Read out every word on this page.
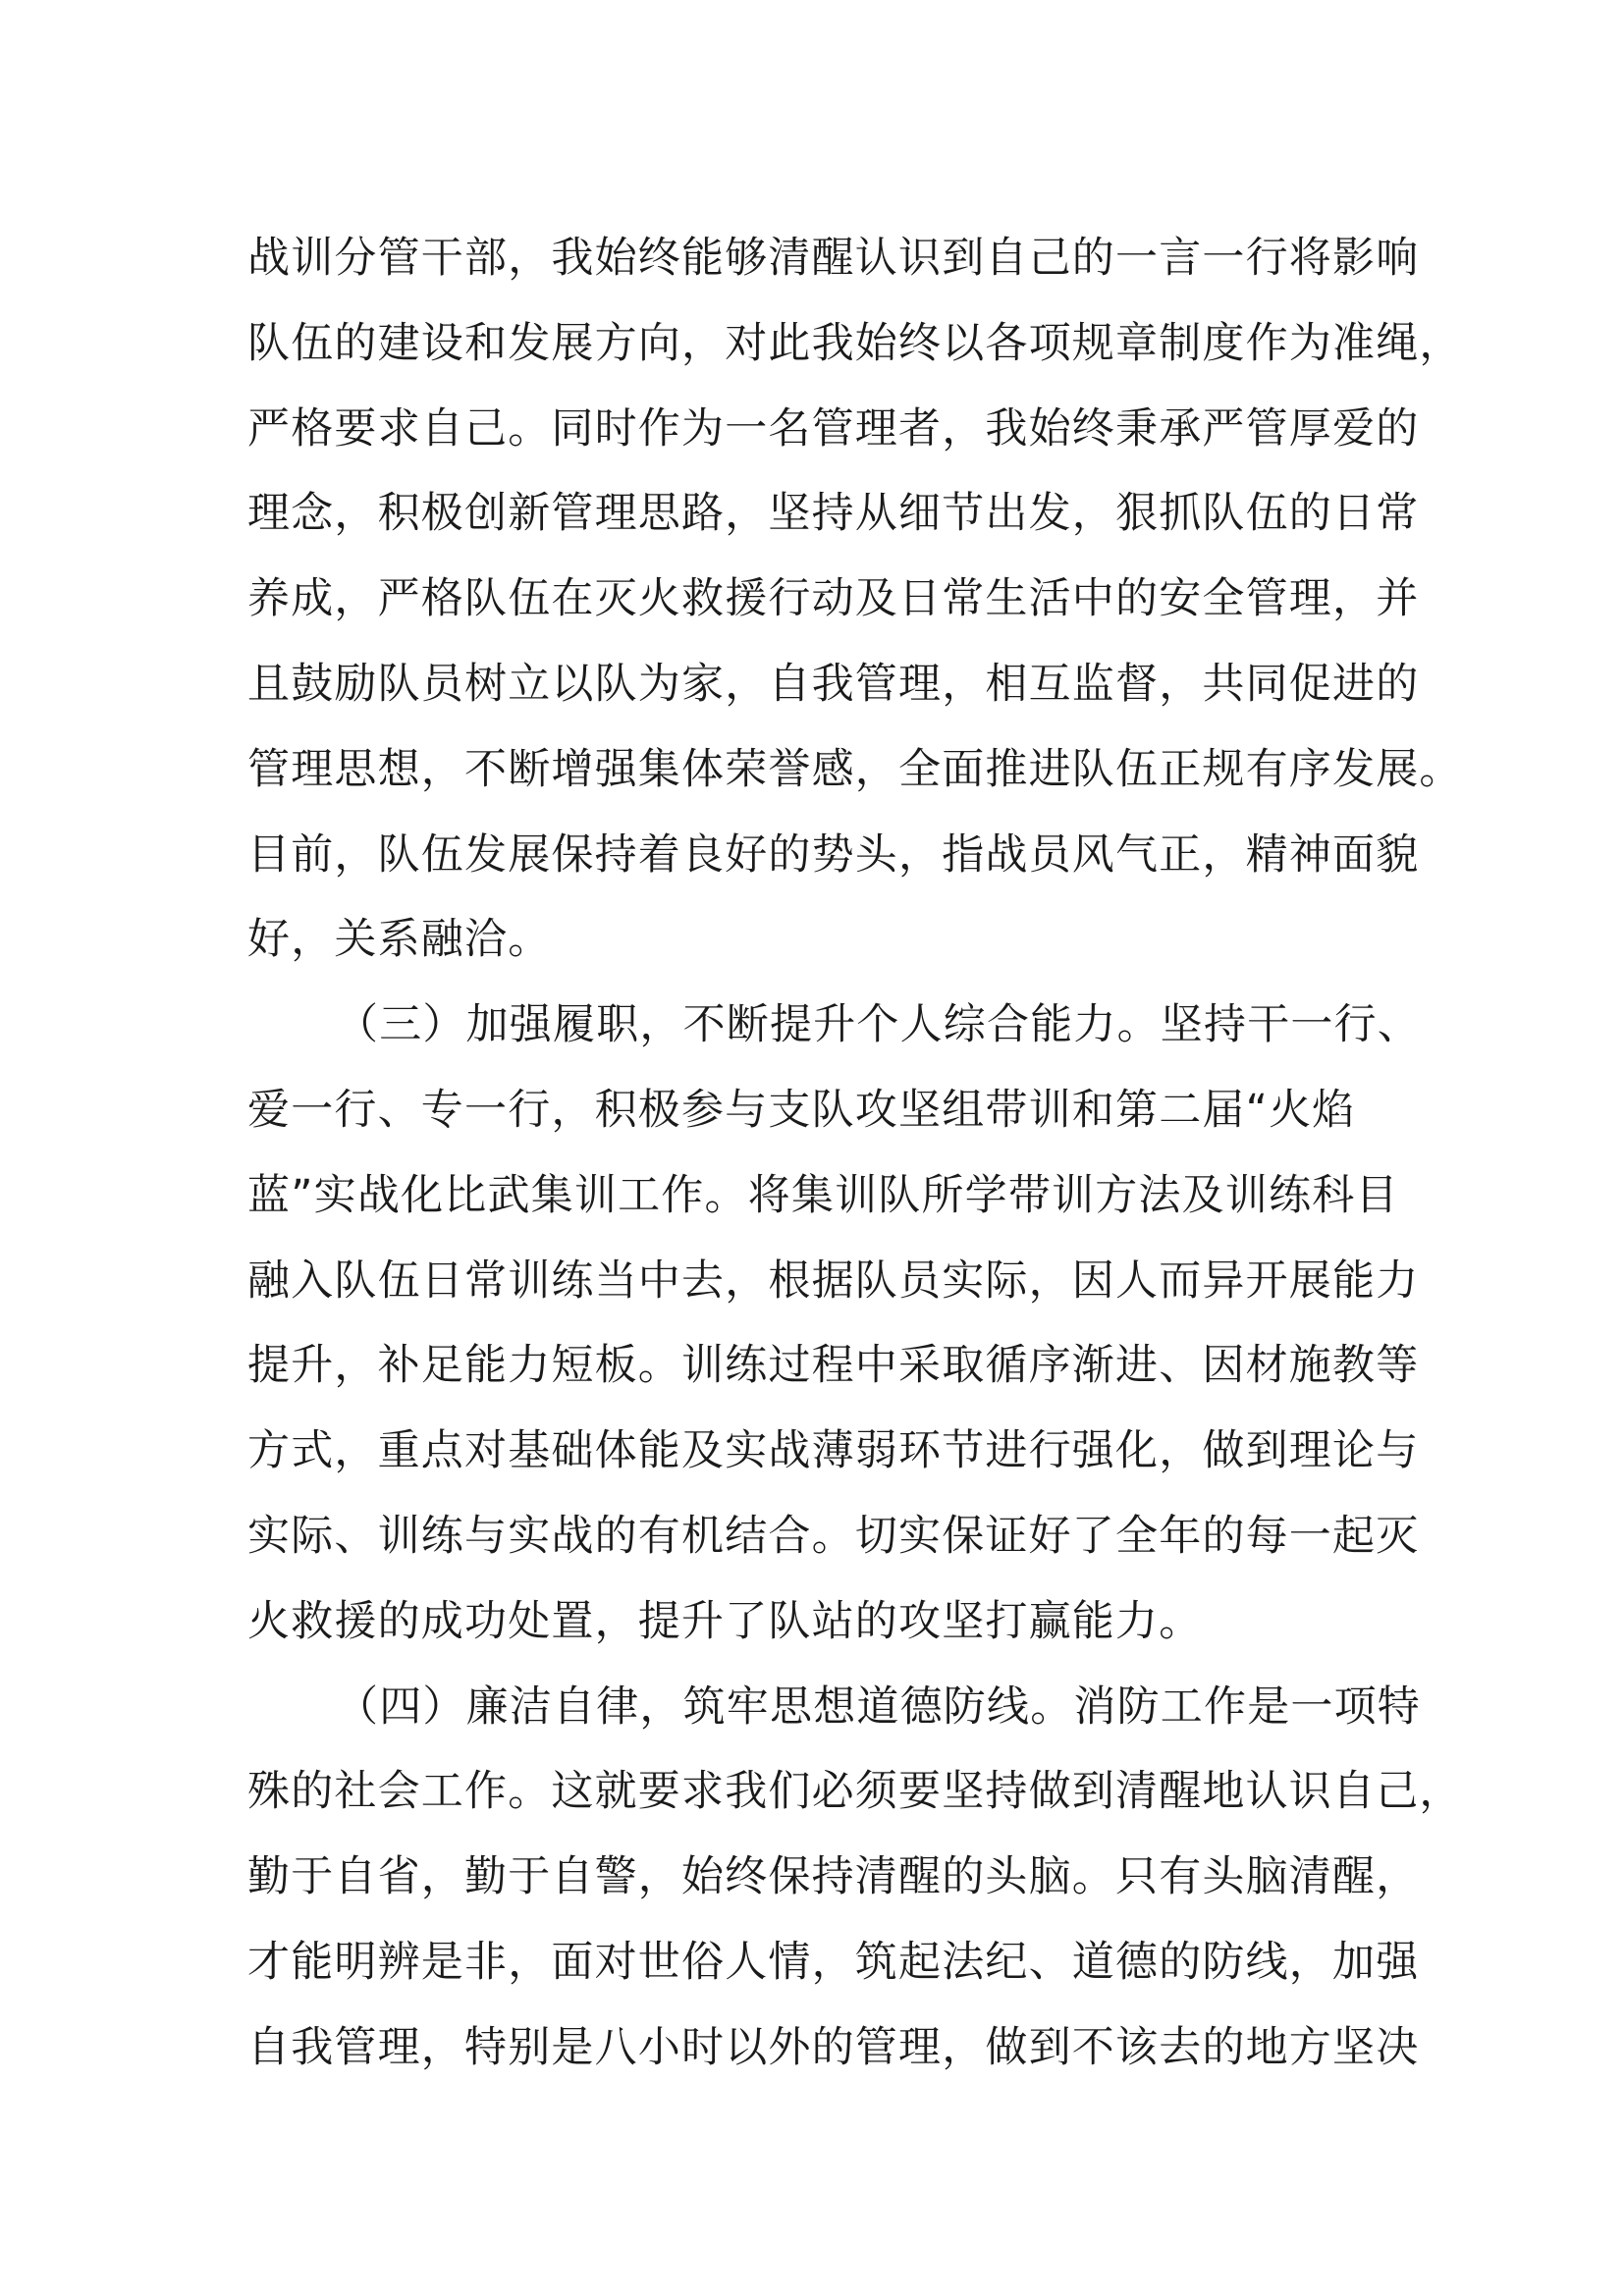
战训分管干部，我始终能够清醒认识到自己的一言一行将影响
队伍的建设和发展方向，对此我始终以各项规章制度作为准绳，
严格要求自己。同时作为一名管理者，我始终秉承严管厚爱的
理念，积极创新管理思路，坚持从细节出发，狠抓队伍的日常
养成，严格队伍在灭火救援行动及日常生活中的安全管理，并
且鼓励队员树立以队为家，自我管理，相互监督，共同促进的
管理思想，不断增强集体荣誉感，全面推进队伍正规有序发展。
目前，队伍发展保持着良好的势头，指战员风气正，精神面貌
好，关系融洽。
（三）加强履职，不断提升个人综合能力。坚持干一行、
爱一行、专一行，积极参与支队攻坚组带训和第二届“火焰
蓝”实战化比武集训工作。将集训队所学带训方法及训练科目
融入队伍日常训练当中去，根据队员实际，因人而异开展能力
提升，补足能力短板。训练过程中采取循序渐进、因材施教等
方式，重点对基础体能及实战薄弱环节进行强化，做到理论与
实际、训练与实战的有机结合。切实保证好了全年的每一起灭
火救援的成功处置，提升了队站的攻坚打赢能力。
（四）廉洁自律，筑牢思想道德防线。消防工作是一项特
殊的社会工作。这就要求我们必须要坚持做到清醒地认识自己，
勤于自省，勤于自警，始终保持清醒的头脑。只有头脑清醒，
才能明辨是非，面对世俗人情，筑起法纪、道德的防线，加强
自我管理，特别是八小时以外的管理，做到不该去的地方坚决
